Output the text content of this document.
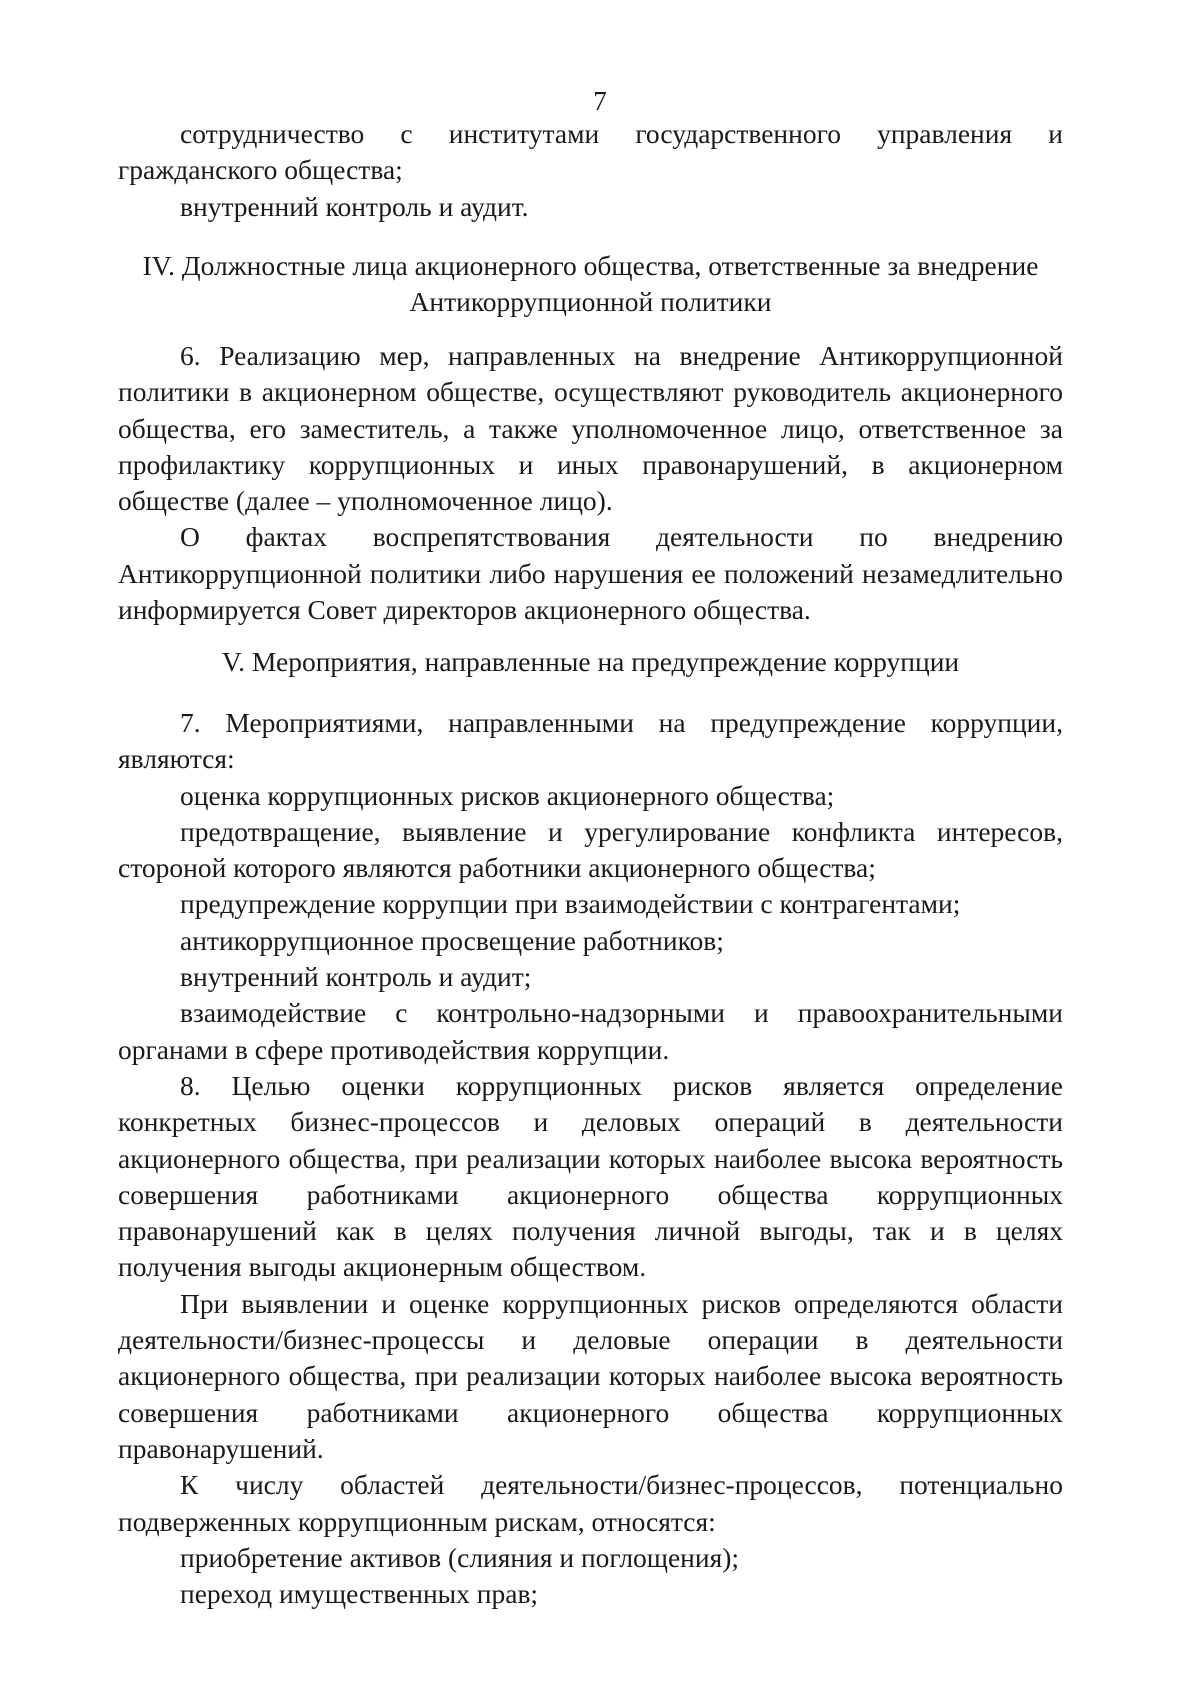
7

сотрудничество с институтами государственного управления и гражданского общества;

внутренний контроль и аудит.

IV. Должностные лица акционерного общества, ответственные за внедрение

Антикоррупционной политики

6. Реализацию мер, направленных на внедрение Антикоррупционной политики в акционерном обществе, осуществляют руководитель акционерного общества, его заместитель, а также уполномоченное лицо, ответственное за профилактику коррупционных и иных правонарушений, в акционерном обществе (далее – уполномоченное лицо).

О фактах воспрепятствования деятельности по внедрению Антикоррупционной политики либо нарушения ее положений незамедлительно информируется Совет директоров акционерного общества.

V. Мероприятия, направленные на предупреждение коррупции

7. Мероприятиями, направленными на предупреждение коррупции, являются:

оценка коррупционных рисков акционерного общества;

предотвращение, выявление и урегулирование конфликта интересов, стороной которого являются работники акционерного общества;

предупреждение коррупции при взаимодействии с контрагентами;

антикоррупционное просвещение работников;

внутренний контроль и аудит;

взаимодействие с контрольно-надзорными и правоохранительными органами в сфере противодействия коррупции.

8. Целью оценки коррупционных рисков является определение конкретных бизнес-процессов и деловых операций в деятельности акционерного общества, при реализации которых наиболее высока вероятность совершения работниками акционерного общества коррупционных правонарушений как в целях получения личной выгоды, так и в целях получения выгоды акционерным обществом.

При выявлении и оценке коррупционных рисков определяются области деятельности/бизнес-процессы и деловые операции в деятельности акционерного общества, при реализации которых наиболее высока вероятность совершения работниками акционерного общества коррупционных правонарушений.

К числу областей деятельности/бизнес-процессов, потенциально подверженных коррупционным рискам, относятся:

приобретение активов (слияния и поглощения);

переход имущественных прав;
